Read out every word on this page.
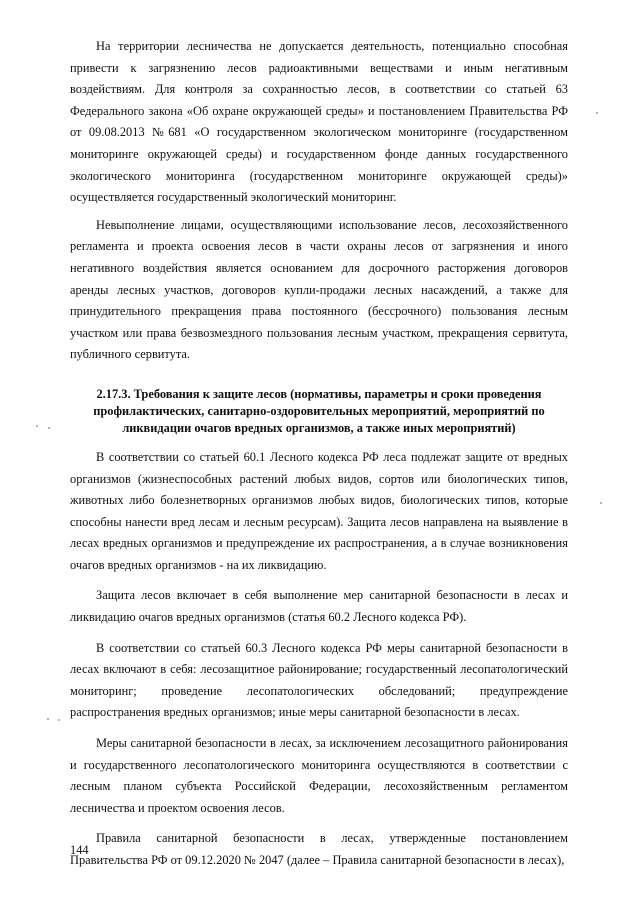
На территории лесничества не допускается деятельность, потенциально способная привести к загрязнению лесов радиоактивными веществами и иным негативным воздействиям. Для контроля за сохранностью лесов, в соответствии со статьей 63 Федерального закона «Об охране окружающей среды» и постановлением Правительства РФ от 09.08.2013 №681 «О государственном экологическом мониторинге (государственном мониторинге окружающей среды) и государственном фонде данных государственного экологического мониторинга (государственном мониторинге окружающей среды)» осуществляется государственный экологический мониторинг.

Невыполнение лицами, осуществляющими использование лесов, лесохозяйственного регламента и проекта освоения лесов в части охраны лесов от загрязнения и иного негативного воздействия является основанием для досрочного расторжения договоров аренды лесных участков, договоров купли-продажи лесных насаждений, а также для принудительного прекращения права постоянного (бессрочного) пользования лесным участком или права безвозмездного пользования лесным участком, прекращения сервитута, публичного сервитута.

2.17.3. Требования к защите лесов (нормативы, параметры и сроки проведения профилактических, санитарно-оздоровительных мероприятий, мероприятий по ликвидации очагов вредных организмов, а также иных мероприятий)

В соответствии со статьей 60.1 Лесного кодекса РФ леса подлежат защите от вредных организмов (жизнеспособных растений любых видов, сортов или биологических типов, животных либо болезнетворных организмов любых видов, биологических типов, которые способны нанести вред лесам и лесным ресурсам). Защита лесов направлена на выявление в лесах вредных организмов и предупреждение их распространения, а в случае возникновения очагов вредных организмов - на их ликвидацию.

Защита лесов включает в себя выполнение мер санитарной безопасности в лесах и ликвидацию очагов вредных организмов (статья 60.2 Лесного кодекса РФ).

В соответствии со статьей 60.3 Лесного кодекса РФ меры санитарной безопасности в лесах включают в себя: лесозащитное районирование; государственный лесопатологический мониторинг; проведение лесопатологических обследований; предупреждение распространения вредных организмов; иные меры санитарной безопасности в лесах.

Меры санитарной безопасности в лесах, за исключением лесозащитного районирования и государственного лесопатологического мониторинга осуществляются в соответствии с лесным планом субъекта Российской Федерации, лесохозяйственным регламентом лесничества и проектом освоения лесов.

Правила санитарной безопасности в лесах, утвержденные постановлением Правительства РФ от 09.12.2020 № 2047 (далее – Правила санитарной безопасности в лесах),

144
